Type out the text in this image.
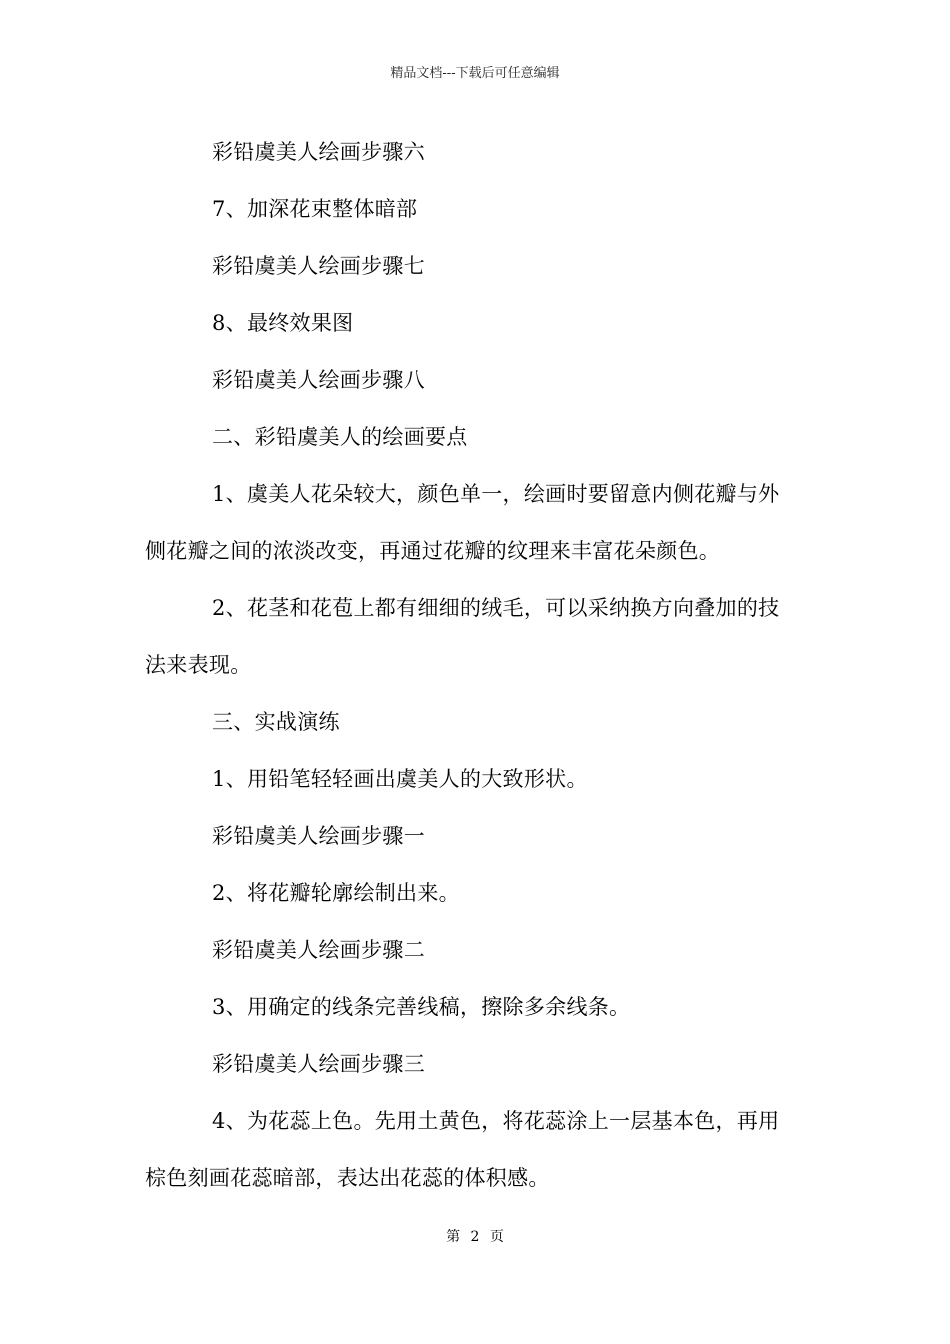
精品文档---下载后可任意编辑
彩铅虞美人绘画步骤六
7、加深花束整体暗部
彩铅虞美人绘画步骤七
8、最终效果图
彩铅虞美人绘画步骤八
二、彩铅虞美人的绘画要点
1、虞美人花朵较大，颜色单一，绘画时要留意内侧花瓣与外
侧花瓣之间的浓淡改变，再通过花瓣的纹理来丰富花朵颜色。
2、花茎和花苞上都有细细的绒毛，可以采纳换方向叠加的技
法来表现。
三、实战演练
1、用铅笔轻轻画出虞美人的大致形状。
彩铅虞美人绘画步骤一
2、将花瓣轮廓绘制出来。
彩铅虞美人绘画步骤二
3、用确定的线条完善线稿，擦除多余线条。
彩铅虞美人绘画步骤三
4、为花蕊上色。先用土黄色，将花蕊涂上一层基本色，再用
棕色刻画花蕊暗部，表达出花蕊的体积感。
第 2 页
